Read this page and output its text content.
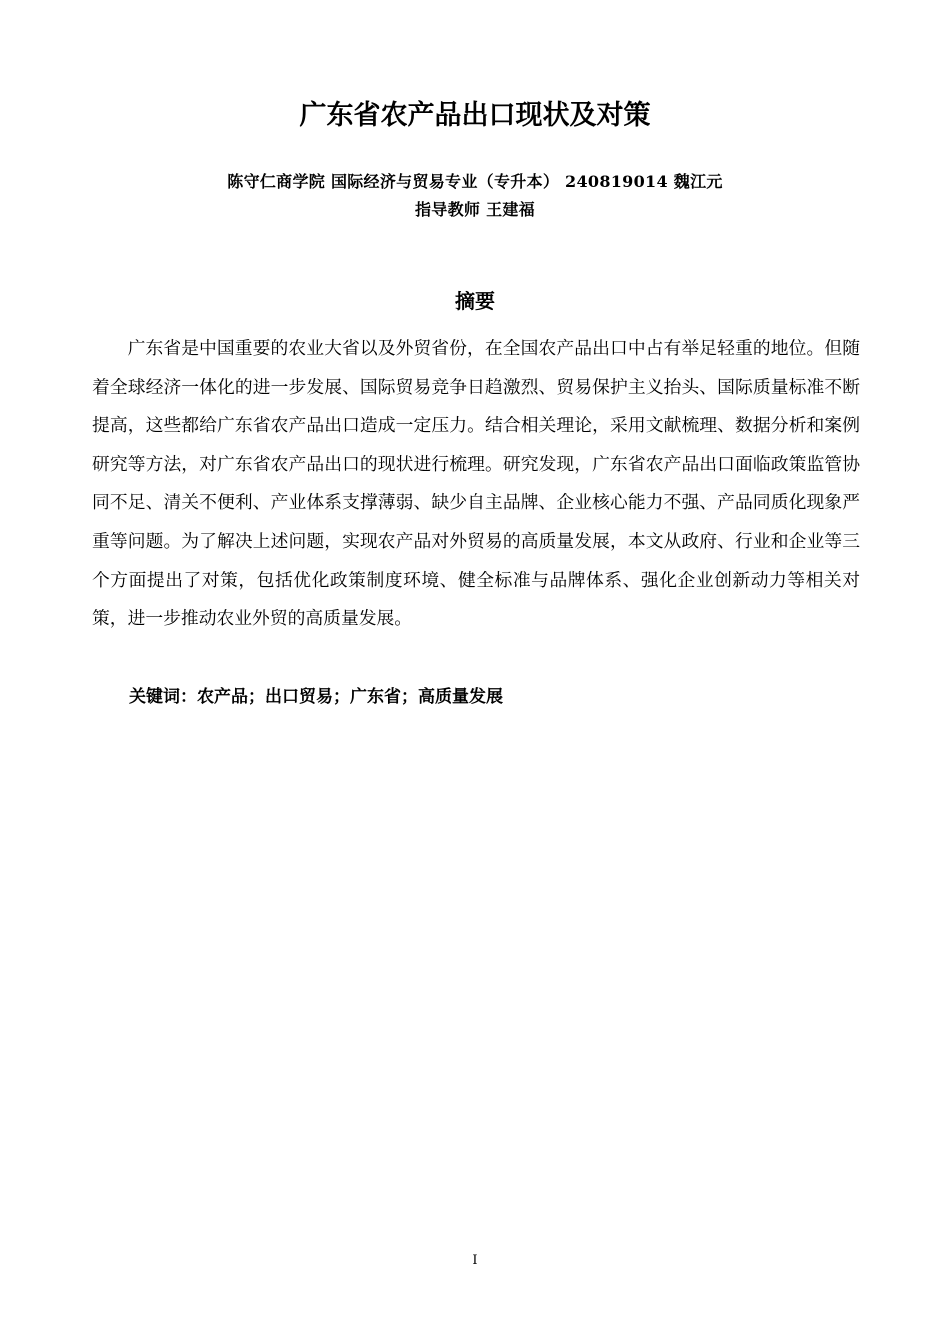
广东省农产品出口现状及对策
陈守仁商学院 国际经济与贸易专业（专升本） 240819014 魏江元
指导教师 王建福
摘要

广东省是中国重要的农业大省以及外贸省份，在全国农产品出口中占有举足轻重的地位。但随着全球经济一体化的进一步发展、国际贸易竞争日趋激烈、贸易保护主义抬头、国际质量标准不断提高，这些都给广东省农产品出口造成一定压力。结合相关理论，采用文献梳理、数据分析和案例研究等方法，对广东省农产品出口的现状进行梳理。研究发现，广东省农产品出口面临政策监管协同不足、清关不便利、产业体系支撑薄弱、缺少自主品牌、企业核心能力不强、产品同质化现象严重等问题。为了解决上述问题，实现农产品对外贸易的高质量发展，本文从政府、行业和企业等三个方面提出了对策，包括优化政策制度环境、健全标准与品牌体系、强化企业创新动力等相关对策，进一步推动农业外贸的高质量发展。

关键词：农产品；出口贸易；广东省；高质量发展
I
